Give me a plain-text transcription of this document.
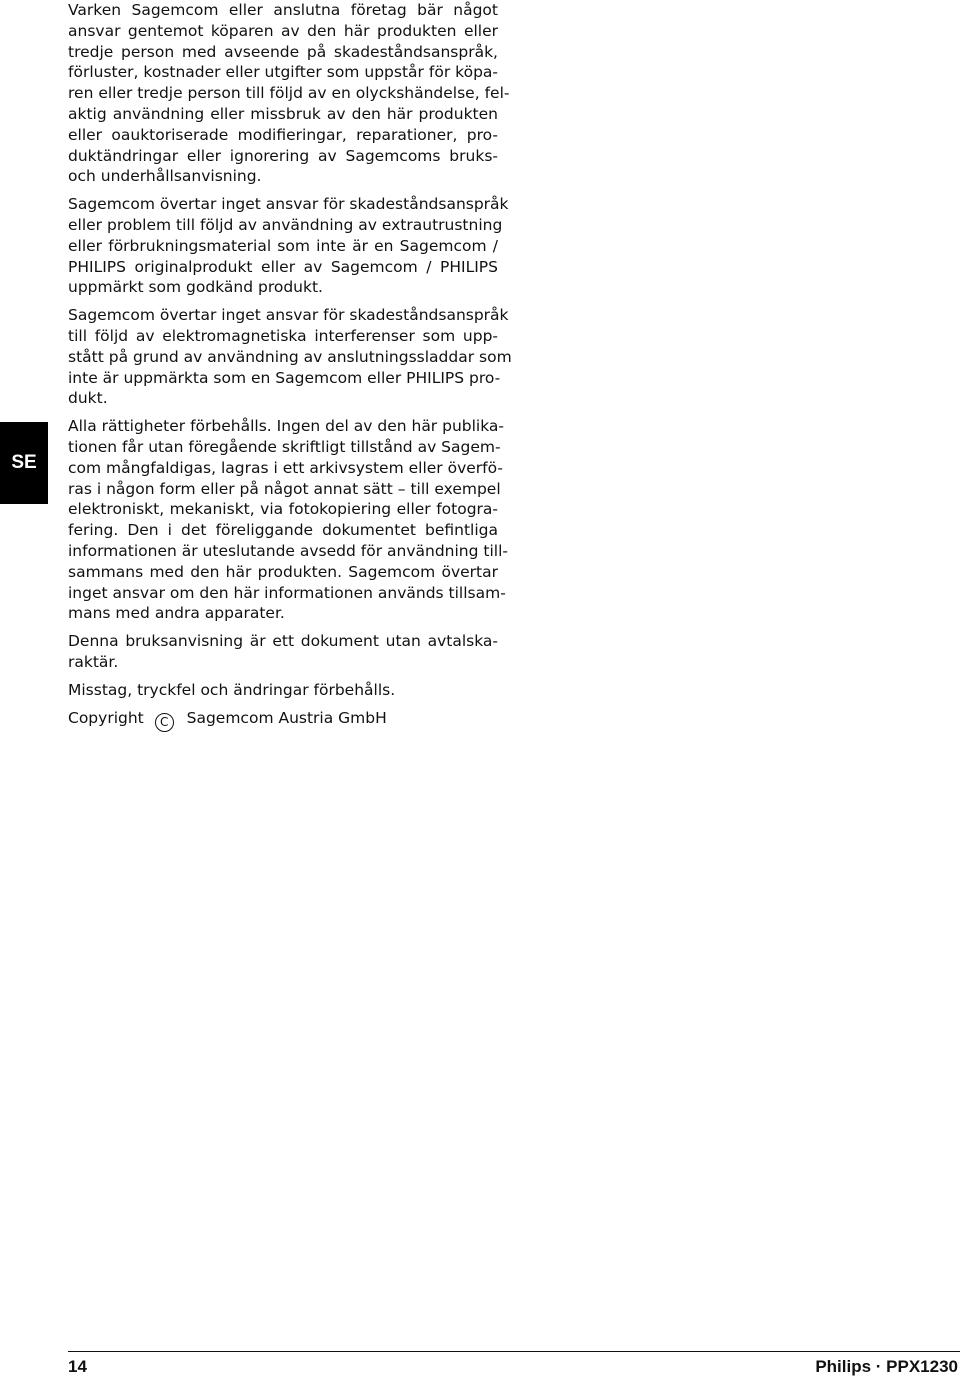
SE

Varken Sagemcom eller anslutna företag bär något
ansvar gentemot köparen av den här produkten eller
tredje person med avseende på skadeståndsanspråk,
förluster, kostnader eller utgifter som uppstår för köpa-
ren eller tredje person till följd av en olyckshändelse, fel-
aktig användning eller missbruk av den här produkten
eller oauktoriserade modifieringar, reparationer, pro-
duktändringar eller ignorering av Sagemcoms bruks-
och underhållsanvisning.

Sagemcom övertar inget ansvar för skadeståndsanspråk
eller problem till följd av användning av extrautrustning
eller förbrukningsmaterial som inte är en Sagemcom /
PHILIPS originalprodukt eller av Sagemcom / PHILIPS
uppmärkt som godkänd produkt.

Sagemcom övertar inget ansvar för skadeståndsanspråk
till följd av elektromagnetiska interferenser som upp-
stått på grund av användning av anslutningssladdar som
inte är uppmärkta som en Sagemcom eller PHILIPS pro-
dukt.

Alla rättigheter förbehålls. Ingen del av den här publika-
tionen får utan föregående skriftligt tillstånd av Sagem-
com mångfaldigas, lagras i ett arkivsystem eller överfö-
ras i någon form eller på något annat sätt – till exempel
elektroniskt, mekaniskt, via fotokopiering eller fotogra-
fering. Den i det föreliggande dokumentet befintliga
informationen är uteslutande avsedd för användning till-
sammans med den här produkten. Sagemcom övertar
inget ansvar om den här informationen används tillsam-
mans med andra apparater.

Denna bruksanvisning är ett dokument utan avtalska-
raktär.

Misstag, tryckfel och ändringar förbehålls.

Copyright C Sagemcom Austria GmbH
14	Philips · PPX1230
